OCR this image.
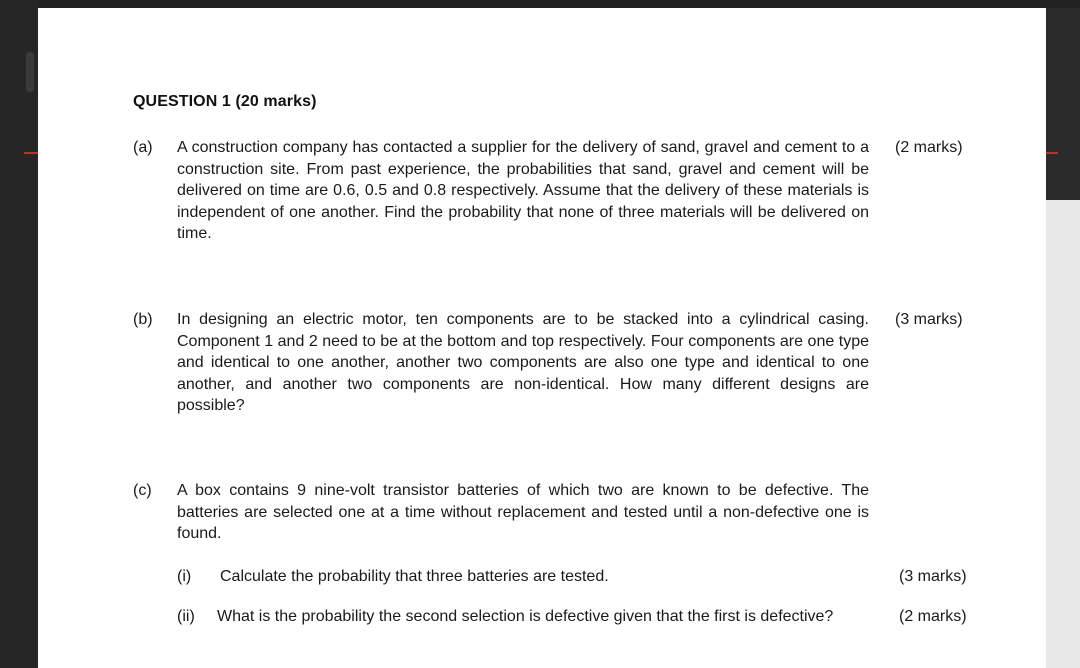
QUESTION 1 (20 marks)
(a) A construction company has contacted a supplier for the delivery of sand, gravel and cement to a construction site. From past experience, the probabilities that sand, gravel and cement will be delivered on time are 0.6, 0.5 and 0.8 respectively. Assume that the delivery of these materials is independent of one another. Find the probability that none of three materials will be delivered on time.
(2 marks)
(b) In designing an electric motor, ten components are to be stacked into a cylindrical casing. Component 1 and 2 need to be at the bottom and top respectively. Four components are one type and identical to one another, another two components are also one type and identical to one another, and another two components are non-identical. How many different designs are possible?
(3 marks)
(c) A box contains 9 nine-volt transistor batteries of which two are known to be defective. The batteries are selected one at a time without replacement and tested until a non-defective one is found.
(i) Calculate the probability that three batteries are tested.	(3 marks)
(ii) What is the probability the second selection is defective given that the first is defective?	(2 marks)
